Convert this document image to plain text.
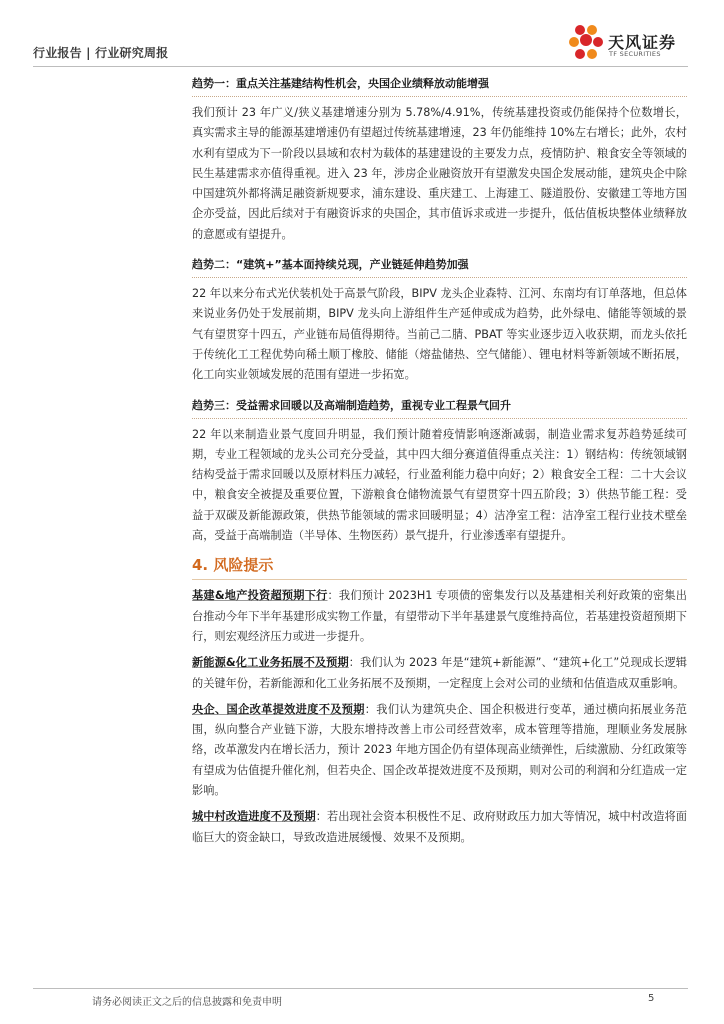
行业报告 | 行业研究周报
天风证券
TF SECURITIES
趋势一：重点关注基建结构性机会，央国企业绩释放动能增强
我们预计 23 年广义/狭义基建增速分别为 5.78%/4.91%，传统基建投资或仍能保持个位数增长，真实需求主导的能源基建增速仍有望超过传统基建增速，23 年仍能维持 10%左右增长；此外，农村水利有望成为下一阶段以县域和农村为载体的基建建设的主要发力点，疫情防护、粮食安全等领域的民生基建需求亦值得重视。进入 23 年，涉房企业融资放开有望激发央国企发展动能，建筑央企中除中国建筑外都将满足融资新规要求，浦东建设、重庆建工、上海建工、隧道股份、安徽建工等地方国企亦受益，因此后续对于有融资诉求的央国企，其市值诉求或进一步提升，低估值板块整体业绩释放的意愿或有望提升。
趋势二：“建筑+”基本面持续兑现，产业链延伸趋势加强
22 年以来分布式光伏装机处于高景气阶段，BIPV 龙头企业森特、江河、东南均有订单落地，但总体来说业务仍处于发展前期，BIPV 龙头向上游组件生产延伸或成为趋势，此外绿电、储能等领域的景气有望贯穿十四五，产业链布局值得期待。当前己二腈、PBAT 等实业逐步迈入收获期，而龙头依托于传统化工工程优势向稀土顺丁橡胶、储能（熔盐储热、空气储能）、锂电材料等新领域不断拓展，化工向实业领域发展的范围有望进一步拓宽。
趋势三：受益需求回暖以及高端制造趋势，重视专业工程景气回升
22 年以来制造业景气度回升明显，我们预计随着疫情影响逐渐减弱，制造业需求复苏趋势延续可期，专业工程领域的龙头公司充分受益，其中四大细分赛道值得重点关注：1）钢结构：传统领域钢结构受益于需求回暖以及原材料压力减轻，行业盈利能力稳中向好；2）粮食安全工程：二十大会议中，粮食安全被提及重要位置，下游粮食仓储物流景气有望贯穿十四五阶段；3）供热节能工程：受益于双碳及新能源政策，供热节能领域的需求回暖明显；4）洁净室工程：洁净室工程行业技术壁垒高，受益于高端制造（半导体、生物医药）景气提升，行业渗透率有望提升。
4. 风险提示
基建&地产投资超预期下行：我们预计 2023H1 专项债的密集发行以及基建相关利好政策的密集出台推动今年下半年基建形成实物工作量，有望带动下半年基建景气度维持高位，若基建投资超预期下行，则宏观经济压力或进一步提升。
新能源&化工业务拓展不及预期：我们认为 2023 年是“建筑+新能源”、“建筑+化工”兑现成长逻辑的关键年份，若新能源和化工业务拓展不及预期，一定程度上会对公司的业绩和估值造成双重影响。
央企、国企改革提效进度不及预期：我们认为建筑央企、国企积极进行变革，通过横向拓展业务范围，纵向整合产业链下游，大股东增持改善上市公司经营效率，成本管理等措施，理顺业务发展脉络，改革激发内在增长活力，预计 2023 年地方国企仍有望体现高业绩弹性，后续激励、分红政策等有望成为估值提升催化剂，但若央企、国企改革提效进度不及预期，则对公司的利润和分红造成一定影响。
城中村改造进度不及预期：若出现社会资本积极性不足、政府财政压力加大等情况，城中村改造将面临巨大的资金缺口，导致改造进展缓慢、效果不及预期。
请务必阅读正文之后的信息披露和免责申明	5
